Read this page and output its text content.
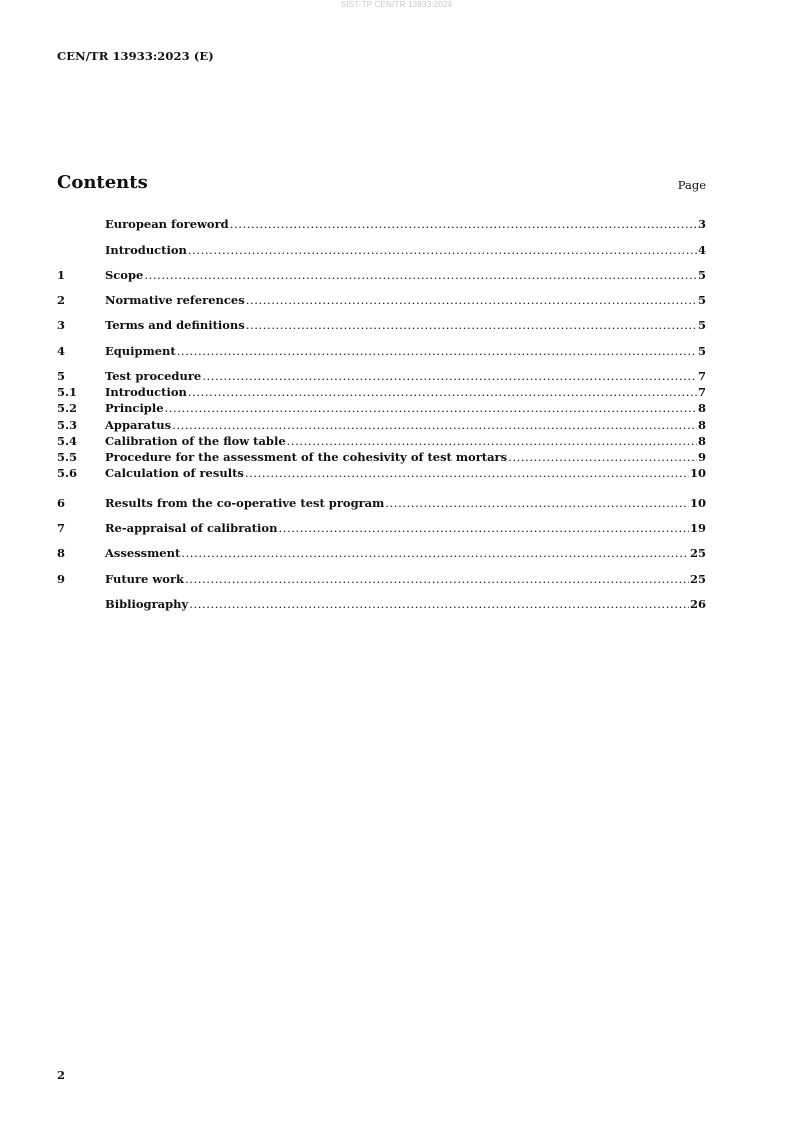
SIST-TP CEN/TR 13933:2024
CEN/TR 13933:2023 (E)
Contents	Page
European foreword .....	3
Introduction .....	4
1	Scope .....	5
2	Normative references .....	5
3	Terms and definitions .....	5
4	Equipment .....	5
5	Test procedure .....	7
5.1	Introduction .....	7
5.2	Principle .....	8
5.3	Apparatus .....	8
5.4	Calibration of the flow table .....	8
5.5	Procedure for the assessment of the cohesivity of test mortars .....	9
5.6	Calculation of results .....	10
6	Results from the co-operative test program .....	10
7	Re-appraisal of calibration .....	19
8	Assessment .....	25
9	Future work .....	25
Bibliography .....	26
2
